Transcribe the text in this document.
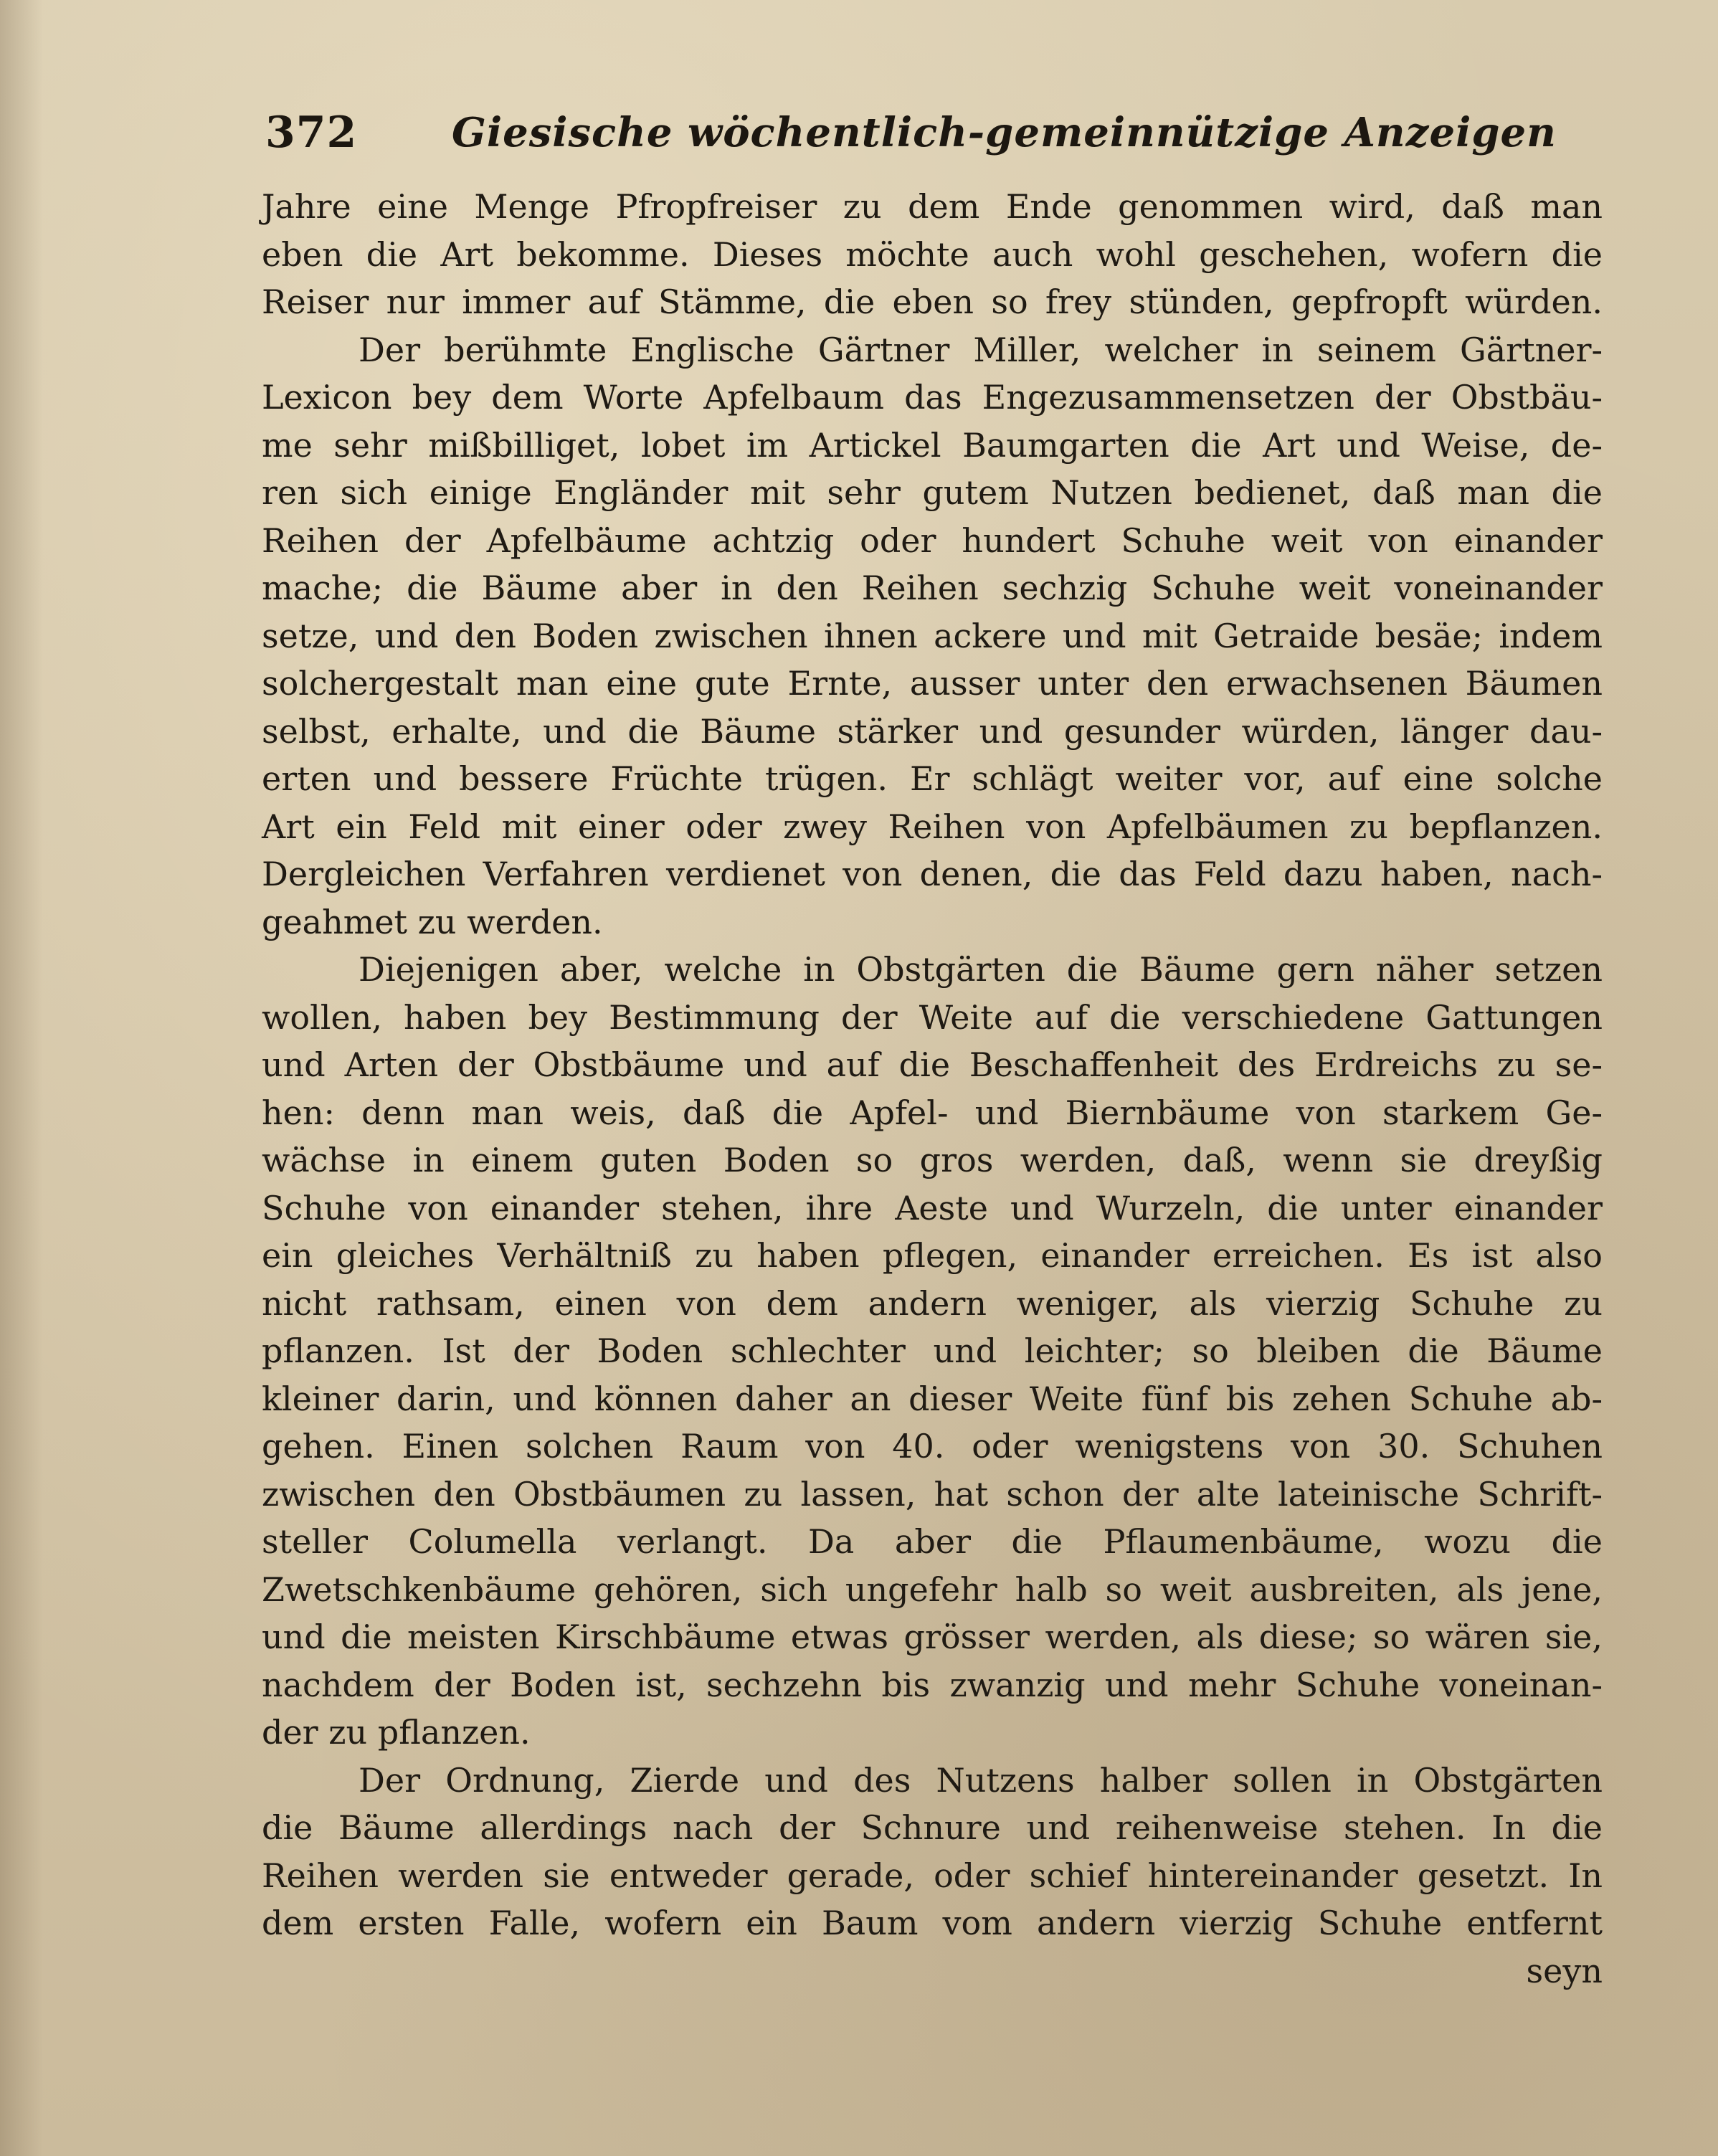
372 Giesische wöchentlich-gemeinnützige Anzeigen
Jahre eine Menge Pfropfreiser zu dem Ende genommen wird, daß man
eben die Art bekomme. Dieses möchte auch wohl geschehen, wofern die
Reiser nur immer auf Stämme, die eben so frey stünden, gepfropft würden.
Der berühmte Englische Gärtner Miller, welcher in seinem Gärtner-
Lexicon bey dem Worte Apfelbaum das Engezusammensetzen der Obstbäu-
me sehr mißbilliget, lobet im Artickel Baumgarten die Art und Weise, de-
ren sich einige Engländer mit sehr gutem Nutzen bedienet, daß man die
Reihen der Apfelbäume achtzig oder hundert Schuhe weit von einander
mache; die Bäume aber in den Reihen sechzig Schuhe weit voneinander
setze, und den Boden zwischen ihnen ackere und mit Getraide besäe; indem
solchergestalt man eine gute Ernte, ausser unter den erwachsenen Bäumen
selbst, erhalte, und die Bäume stärker und gesunder würden, länger dau-
erten und bessere Früchte trügen. Er schlägt weiter vor, auf eine solche
Art ein Feld mit einer oder zwey Reihen von Apfelbäumen zu bepflanzen.
Dergleichen Verfahren verdienet von denen, die das Feld dazu haben, nach-
geahmet zu werden.
Diejenigen aber, welche in Obstgärten die Bäume gern näher setzen
wollen, haben bey Bestimmung der Weite auf die verschiedene Gattungen
und Arten der Obstbäume und auf die Beschaffenheit des Erdreichs zu se-
hen: denn man weis, daß die Apfel- und Biernbäume von starkem Ge-
wächse in einem guten Boden so gros werden, daß, wenn sie dreyßig
Schuhe von einander stehen, ihre Aeste und Wurzeln, die unter einander
ein gleiches Verhältniß zu haben pflegen, einander erreichen. Es ist also
nicht rathsam, einen von dem andern weniger, als vierzig Schuhe zu
pflanzen. Ist der Boden schlechter und leichter; so bleiben die Bäume
kleiner darin, und können daher an dieser Weite fünf bis zehen Schuhe ab-
gehen. Einen solchen Raum von 40. oder wenigstens von 30. Schuhen
zwischen den Obstbäumen zu lassen, hat schon der alte lateinische Schrift-
steller Columella verlangt. Da aber die Pflaumenbäume, wozu die
Zwetschkenbäume gehören, sich ungefehr halb so weit ausbreiten, als jene,
und die meisten Kirschbäume etwas grösser werden, als diese; so wären sie,
nachdem der Boden ist, sechzehn bis zwanzig und mehr Schuhe voneinan-
der zu pflanzen.
Der Ordnung, Zierde und des Nutzens halber sollen in Obstgärten
die Bäume allerdings nach der Schnure und reihenweise stehen. In die
Reihen werden sie entweder gerade, oder schief hintereinander gesetzt. In
dem ersten Falle, wofern ein Baum vom andern vierzig Schuhe entfernt
seyn
